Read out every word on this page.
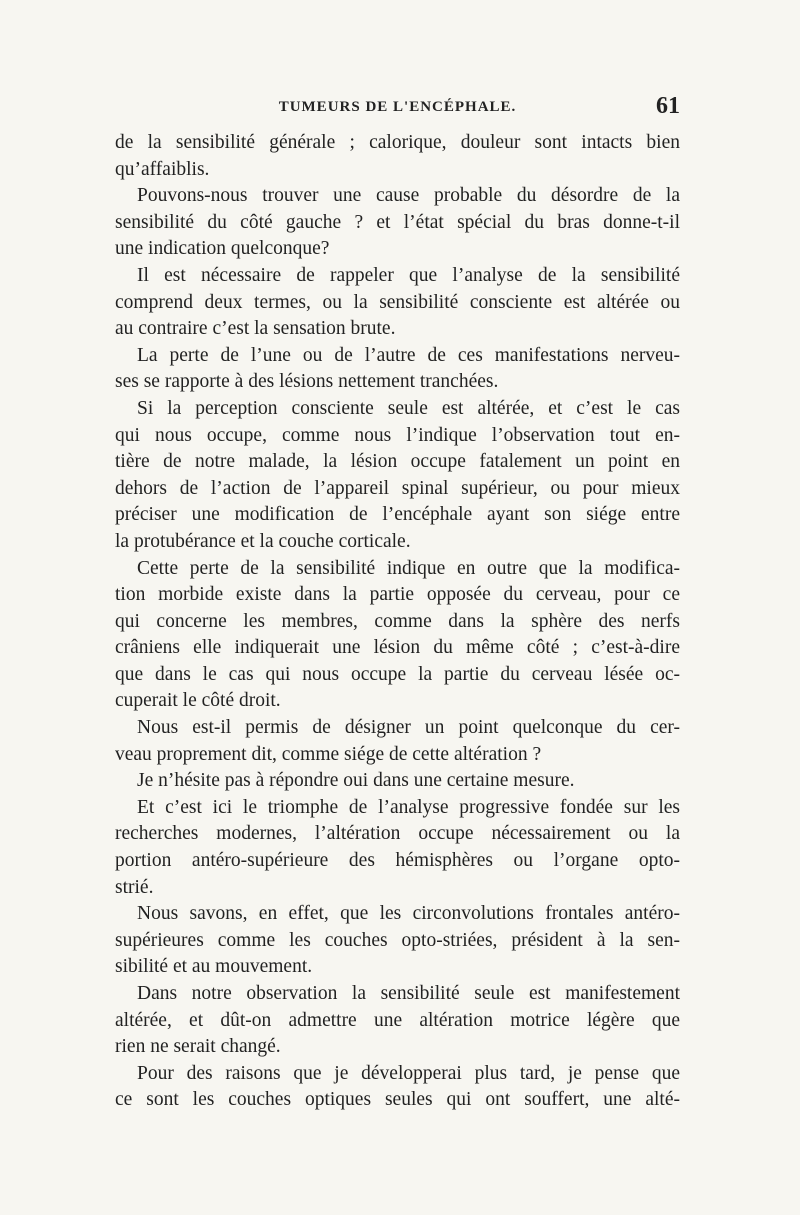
TUMEURS DE L'ENCÉPHALE.	61
de la sensibilité générale ; calorique, douleur sont intacts bien
qu’affaiblis.
Pouvons-nous trouver une cause probable du désordre de la
sensibilité du côté gauche ? et l’état spécial du bras donne-t-il
une indication quelconque?
Il est nécessaire de rappeler que l’analyse de la sensibilité
comprend deux termes, ou la sensibilité consciente est altérée ou
au contraire c’est la sensation brute.
La perte de l’une ou de l’autre de ces manifestations nerveu-
ses se rapporte à des lésions nettement tranchées.
Si la perception consciente seule est altérée, et c’est le cas
qui nous occupe, comme nous l’indique l’observation tout en-
tière de notre malade, la lésion occupe fatalement un point en
dehors de l’action de l’appareil spinal supérieur, ou pour mieux
préciser une modification de l’encéphale ayant son siége entre
la protubérance et la couche corticale.
Cette perte de la sensibilité indique en outre que la modifica-
tion morbide existe dans la partie opposée du cerveau, pour ce
qui concerne les membres, comme dans la sphère des nerfs
crâniens elle indiquerait une lésion du même côté ; c’est-à-dire
que dans le cas qui nous occupe la partie du cerveau lésée oc-
cuperait le côté droit.
Nous est-il permis de désigner un point quelconque du cer-
veau proprement dit, comme siége de cette altération ?
Je n’hésite pas à répondre oui dans une certaine mesure.
Et c’est ici le triomphe de l’analyse progressive fondée sur les
recherches modernes, l’altération occupe nécessairement ou la
portion antéro-supérieure des hémisphères ou l’organe opto-
strié.
Nous savons, en effet, que les circonvolutions frontales antéro-
supérieures comme les couches opto-striées, président à la sen-
sibilité et au mouvement.
Dans notre observation la sensibilité seule est manifestement
altérée, et dût-on admettre une altération motrice légère que
rien ne serait changé.
Pour des raisons que je développerai plus tard, je pense que
ce sont les couches optiques seules qui ont souffert, une alté-
